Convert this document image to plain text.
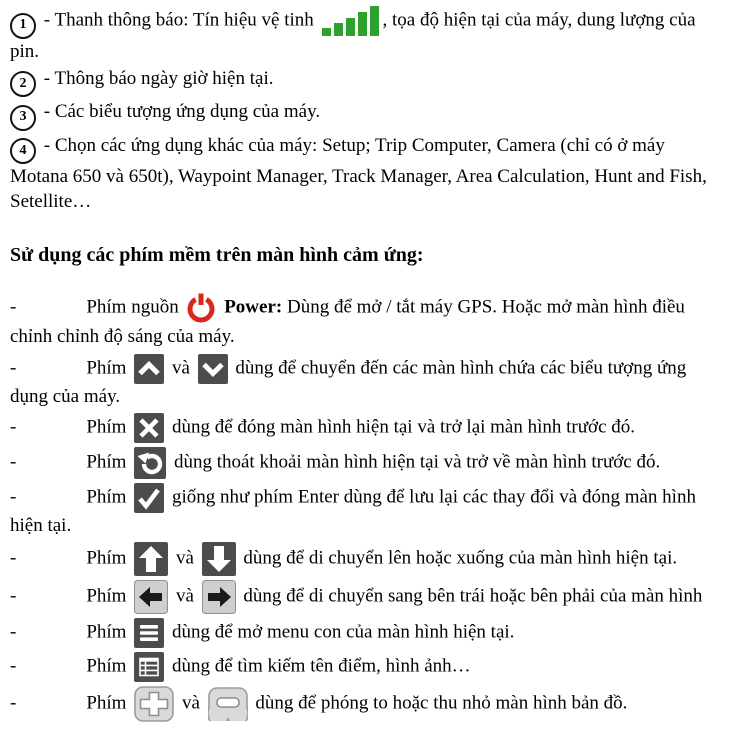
1 - Thanh thông báo: Tín hiệu vệ tinh	, tọa độ hiện tại của máy, dung lượng của pin.
2 - Thông báo ngày giờ hiện tại.
3 - Các biểu tượng ứng dụng của máy.
4 - Chọn các ứng dụng khác của máy: Setup; Trip Computer, Camera (chỉ có ở máy Motana 650 và 650t), Waypoint Manager, Track Manager, Area Calculation, Hunt and Fish, Setellite…
Sử dụng các phím mềm trên màn hình cảm ứng:
-	Phím nguồn  Power: Dùng để mở / tắt máy GPS. Hoặc mở màn hình điều chỉnh chỉnh độ sáng của máy.
-	Phím  và  dùng để chuyển đến các màn hình chứa các biểu tượng ứng dụng của máy.
-	Phím  dùng để đóng màn hình hiện tại và trở lại màn hình trước đó.
-	Phím  dùng thoát khoải màn hình hiện tại và trở về màn hình trước đó.
-	Phím  giống như phím Enter dùng để lưu lại các thay đổi và đóng màn hình hiện tại.
-	Phím  và  dùng để di chuyển lên hoặc xuống của màn hình hiện tại.
-	Phím  và  dùng để di chuyển sang bên trái hoặc bên phải của màn hình
-	Phím  dùng để mở menu con của màn hình hiện tại.
-	Phím  dùng để tìm kiếm tên điểm, hình ảnh…
-	Phím  và  dùng để phóng to hoặc thu nhỏ màn hình bản đồ.
